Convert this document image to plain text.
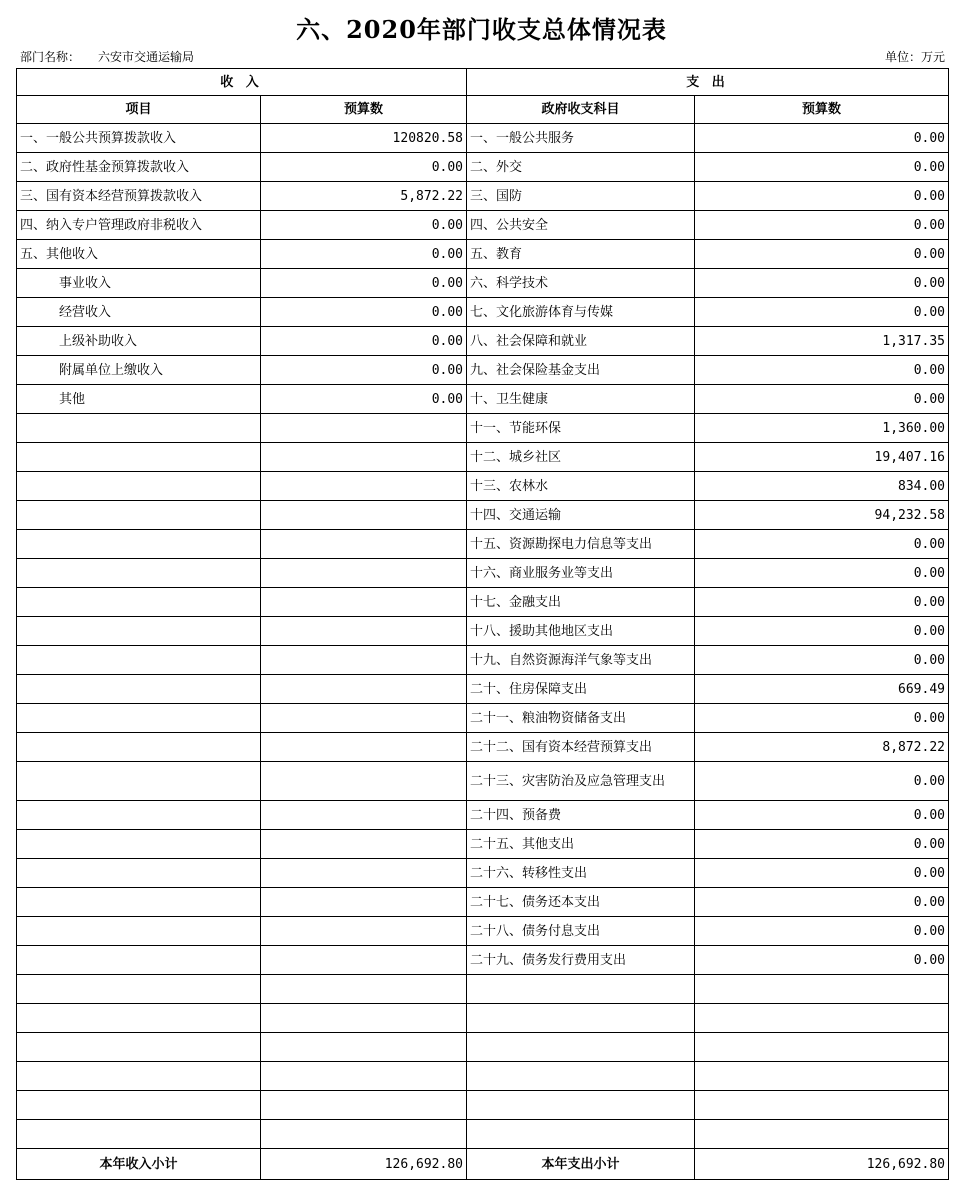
六、2020年部门收支总体情况表
部门名称： 六安市交通运输局	单位：万元
收 入		支 出	
项目	预算数	政府收支科目	预算数
一、一般公共预算拨款收入	120820.58	一、一般公共服务	0.00
二、政府性基金预算拨款收入	0.00	二、外交	0.00
三、国有资本经营预算拨款收入	5,872.22	三、国防	0.00
四、纳入专户管理政府非税收入	0.00	四、公共安全	0.00
五、其他收入	0.00	五、教育	0.00
事业收入	0.00	六、科学技术	0.00
经营收入	0.00	七、文化旅游体育与传媒	0.00
上级补助收入	0.00	八、社会保障和就业	1,317.35
附属单位上缴收入	0.00	九、社会保险基金支出	0.00
其他	0.00	十、卫生健康	0.00
		十一、节能环保	1,360.00
		十二、城乡社区	19,407.16
		十三、农林水	834.00
		十四、交通运输	94,232.58
		十五、资源勘探电力信息等支出	0.00
		十六、商业服务业等支出	0.00
		十七、金融支出	0.00
		十八、援助其他地区支出	0.00
		十九、自然资源海洋气象等支出	0.00
		二十、住房保障支出	669.49
		二十一、粮油物资储备支出	0.00
		二十二、国有资本经营预算支出	8,872.22
		二十三、灾害防治及应急管理支出	0.00
		二十四、预备费	0.00
		二十五、其他支出	0.00
		二十六、转移性支出	0.00
		二十七、债务还本支出	0.00
		二十八、债务付息支出	0.00
		二十九、债务发行费用支出	0.00

本年收入小计	126,692.80	本年支出小计	126,692.80
